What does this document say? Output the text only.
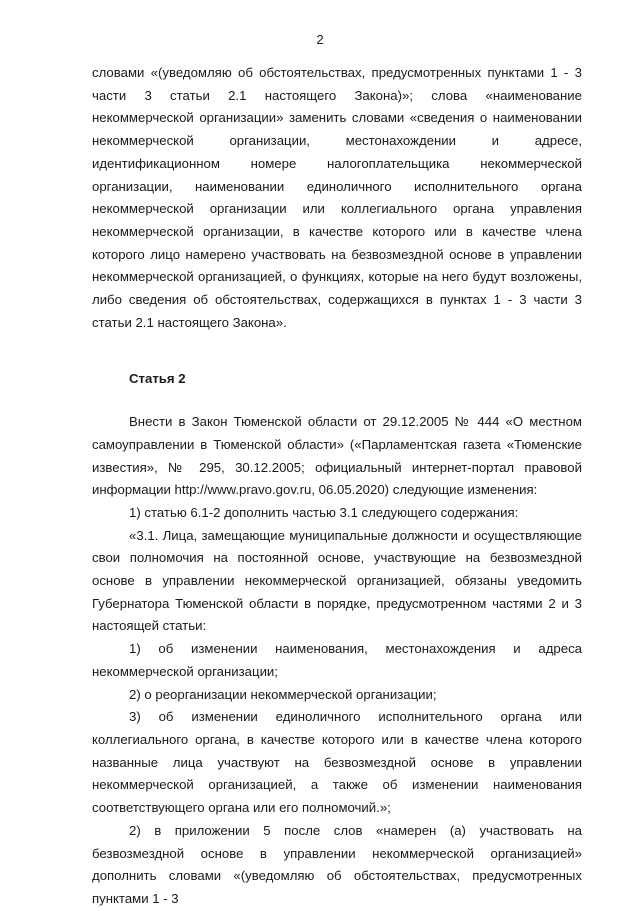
2

словами «(уведомляю об обстоятельствах, предусмотренных пунктами 1 - 3 части 3 статьи 2.1 настоящего Закона)»; слова «наименование некоммерческой организации» заменить словами «сведения о наименовании некоммерческой организации, местонахождении и адресе, идентификационном номере налогоплательщика некоммерческой организации, наименовании единоличного исполнительного органа некоммерческой организации или коллегиального органа управления некоммерческой организации, в качестве которого или в качестве члена которого лицо намерено участвовать на безвозмездной основе в управлении некоммерческой организацией, о функциях, которые на него будут возложены, либо сведения об обстоятельствах, содержащихся в пунктах 1 - 3 части 3 статьи 2.1 настоящего Закона».

Статья 2

Внести в Закон Тюменской области от 29.12.2005 № 444 «О местном самоуправлении в Тюменской области» («Парламентская газета «Тюменские известия», № 295, 30.12.2005; официальный интернет-портал правовой информации http://www.pravo.gov.ru, 06.05.2020) следующие изменения:

1) статью 6.1-2 дополнить частью 3.1 следующего содержания:

«3.1. Лица, замещающие муниципальные должности и осуществляющие свои полномочия на постоянной основе, участвующие на безвозмездной основе в управлении некоммерческой организацией, обязаны уведомить Губернатора Тюменской области в порядке, предусмотренном частями 2 и 3 настоящей статьи:

1) об изменении наименования, местонахождения и адреса некоммерческой организации;

2) о реорганизации некоммерческой организации;

3) об изменении единоличного исполнительного органа или коллегиального органа, в качестве которого или в качестве члена которого названные лица участвуют на безвозмездной основе в управлении некоммерческой организацией, а также об изменении наименования соответствующего органа или его полномочий.»;

2) в приложении 5 после слов «намерен (а) участвовать на безвозмездной основе в управлении некоммерческой организацией» дополнить словами «(уведомляю об обстоятельствах, предусмотренных пунктами 1 - 3
